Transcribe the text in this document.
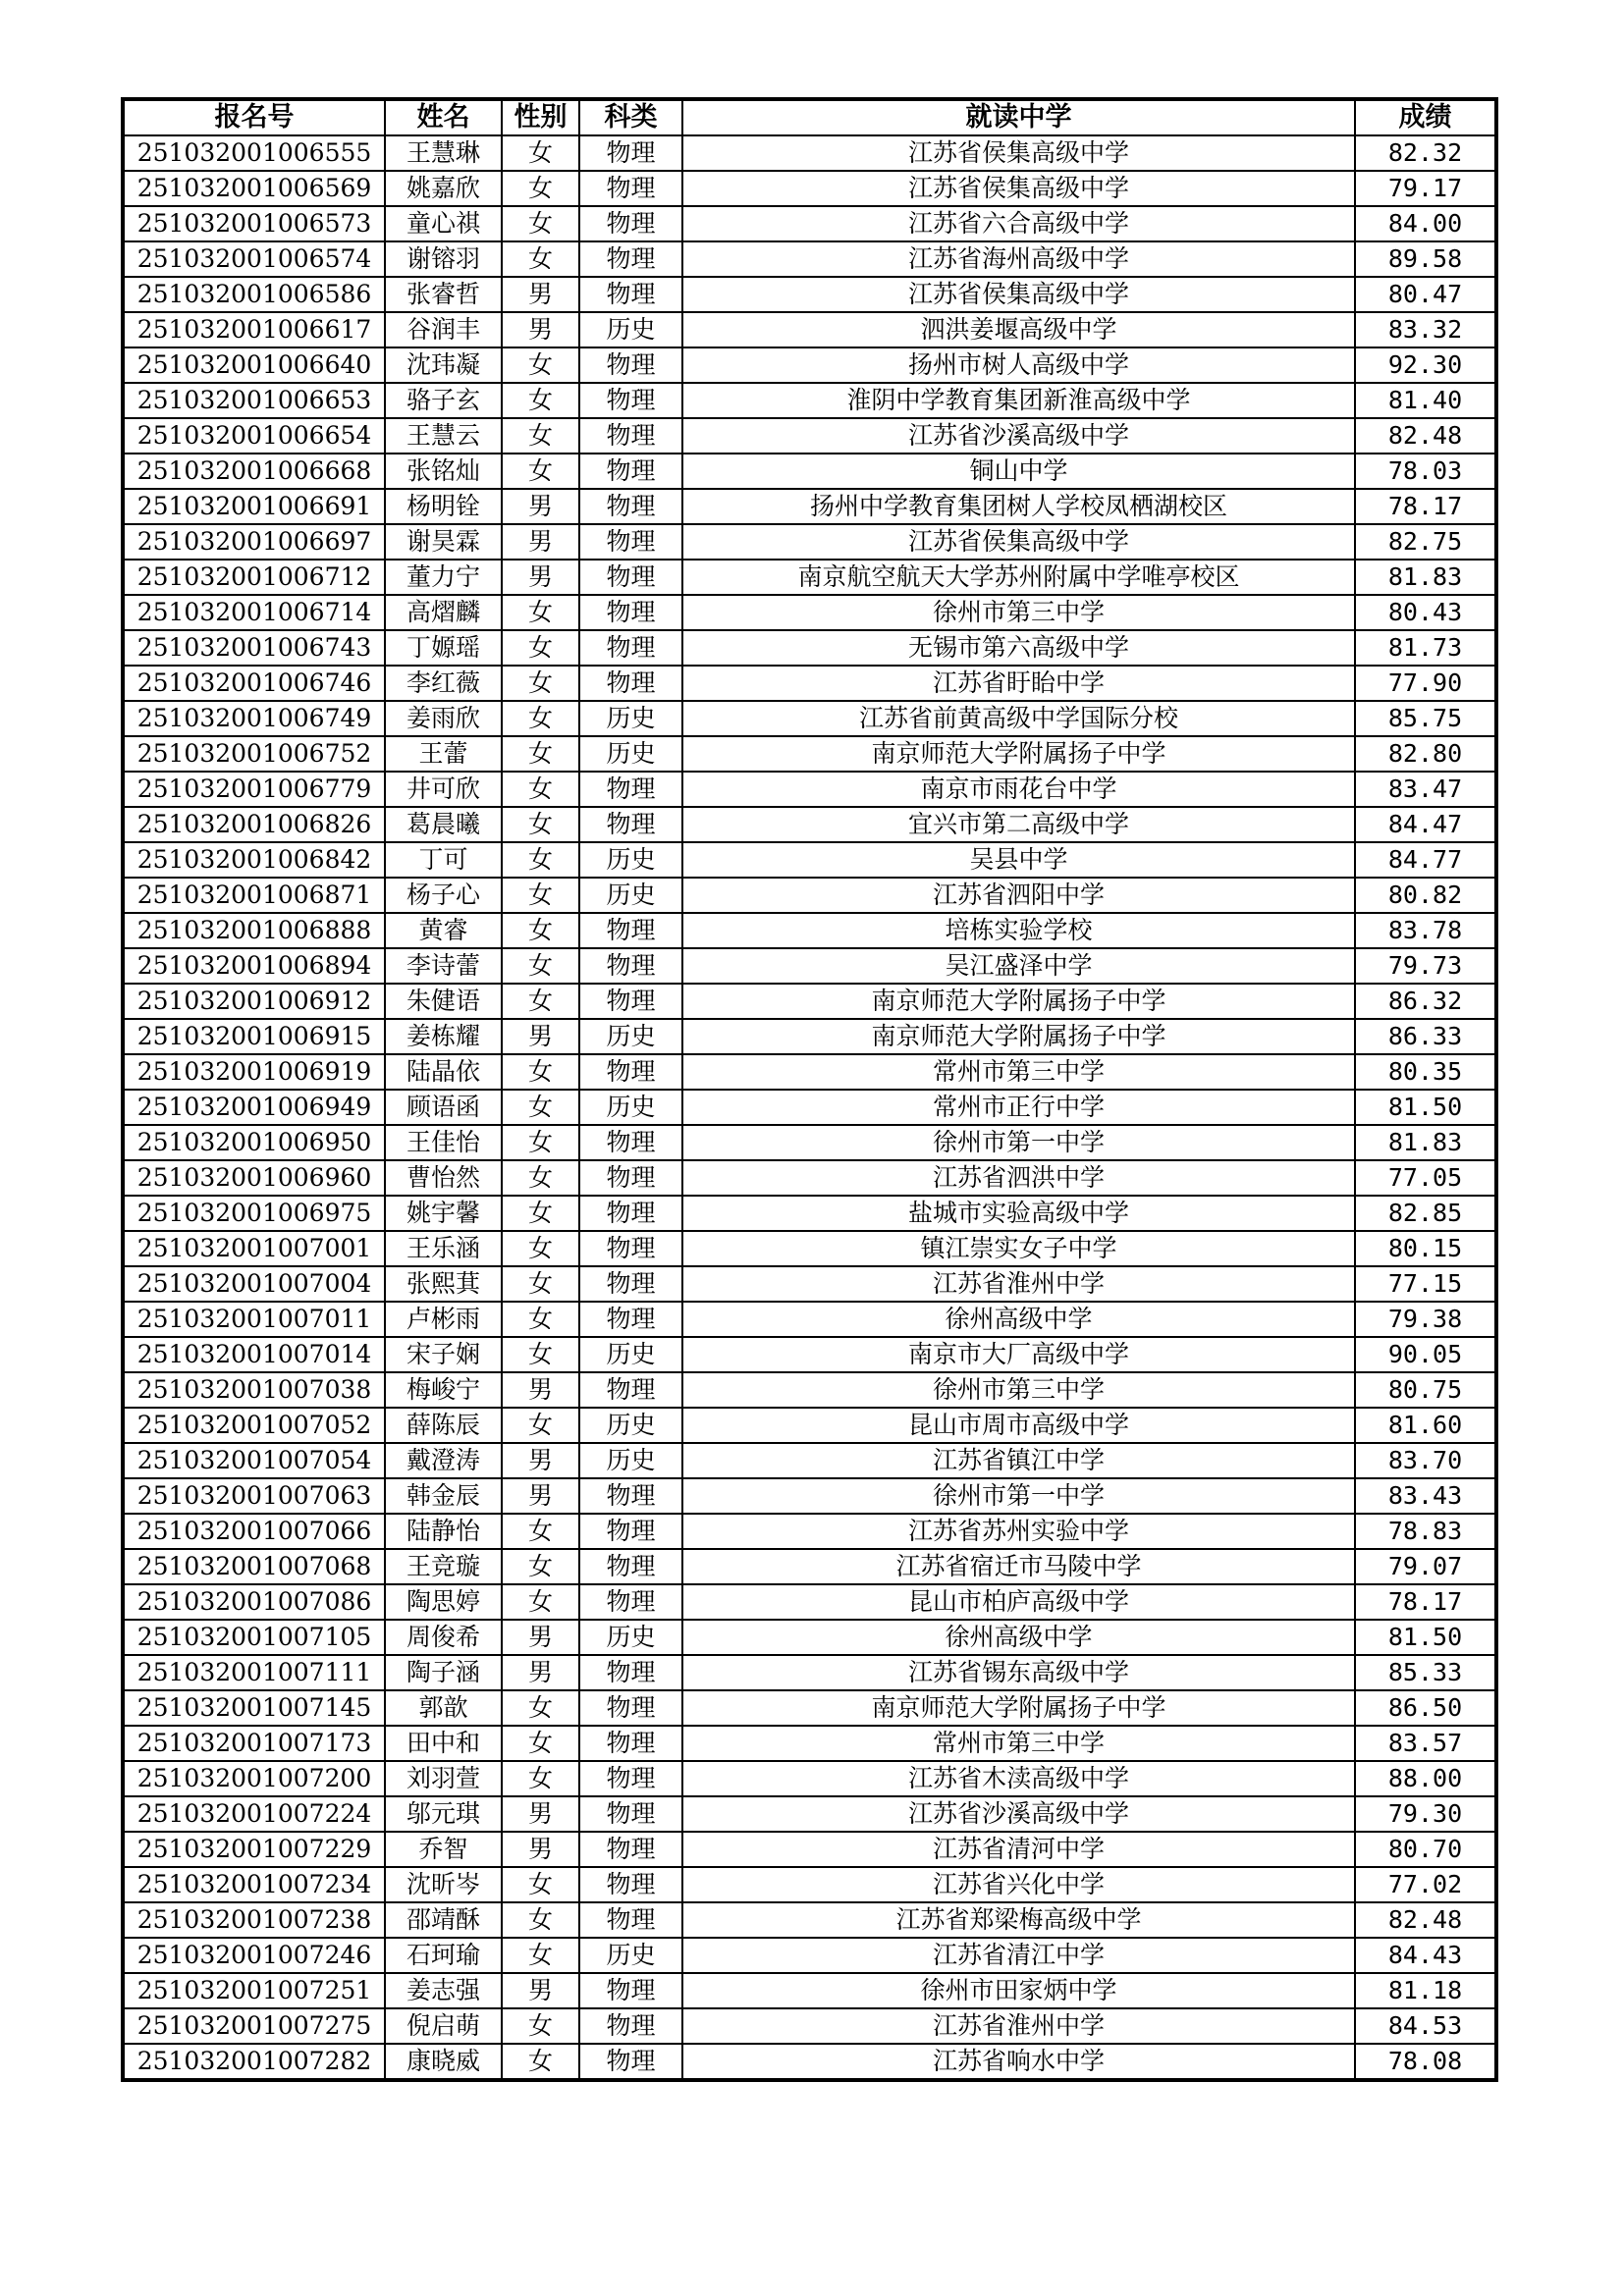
报名号	姓名	性别	科类	就读中学	成绩
251032001006555	王慧琳	女	物理	江苏省侯集高级中学	82.32
251032001006569	姚嘉欣	女	物理	江苏省侯集高级中学	79.17
251032001006573	童心祺	女	物理	江苏省六合高级中学	84.00
251032001006574	谢镕羽	女	物理	江苏省海州高级中学	89.58
251032001006586	张睿哲	男	物理	江苏省侯集高级中学	80.47
251032001006617	谷润丰	男	历史	泗洪姜堰高级中学	83.32
251032001006640	沈玮凝	女	物理	扬州市树人高级中学	92.30
251032001006653	骆子玄	女	物理	淮阴中学教育集团新淮高级中学	81.40
251032001006654	王慧云	女	物理	江苏省沙溪高级中学	82.48
251032001006668	张铭灿	女	物理	铜山中学	78.03
251032001006691	杨明铨	男	物理	扬州中学教育集团树人学校凤栖湖校区	78.17
251032001006697	谢昊霖	男	物理	江苏省侯集高级中学	82.75
251032001006712	董力宁	男	物理	南京航空航天大学苏州附属中学唯亭校区	81.83
251032001006714	高熠麟	女	物理	徐州市第三中学	80.43
251032001006743	丁嫄瑶	女	物理	无锡市第六高级中学	81.73
251032001006746	李红薇	女	物理	江苏省盱眙中学	77.90
251032001006749	姜雨欣	女	历史	江苏省前黄高级中学国际分校	85.75
251032001006752	王蕾	女	历史	南京师范大学附属扬子中学	82.80
251032001006779	井可欣	女	物理	南京市雨花台中学	83.47
251032001006826	葛晨曦	女	物理	宜兴市第二高级中学	84.47
251032001006842	丁可	女	历史	吴县中学	84.77
251032001006871	杨子心	女	历史	江苏省泗阳中学	80.82
251032001006888	黄睿	女	物理	培栋实验学校	83.78
251032001006894	李诗蕾	女	物理	吴江盛泽中学	79.73
251032001006912	朱健语	女	物理	南京师范大学附属扬子中学	86.32
251032001006915	姜栋耀	男	历史	南京师范大学附属扬子中学	86.33
251032001006919	陆晶依	女	物理	常州市第三中学	80.35
251032001006949	顾语函	女	历史	常州市正行中学	81.50
251032001006950	王佳怡	女	物理	徐州市第一中学	81.83
251032001006960	曹怡然	女	物理	江苏省泗洪中学	77.05
251032001006975	姚宇馨	女	物理	盐城市实验高级中学	82.85
251032001007001	王乐涵	女	物理	镇江崇实女子中学	80.15
251032001007004	张熙萁	女	物理	江苏省淮州中学	77.15
251032001007011	卢彬雨	女	物理	徐州高级中学	79.38
251032001007014	宋子娴	女	历史	南京市大厂高级中学	90.05
251032001007038	梅峻宁	男	物理	徐州市第三中学	80.75
251032001007052	薛陈辰	女	历史	昆山市周市高级中学	81.60
251032001007054	戴澄涛	男	历史	江苏省镇江中学	83.70
251032001007063	韩金辰	男	物理	徐州市第一中学	83.43
251032001007066	陆静怡	女	物理	江苏省苏州实验中学	78.83
251032001007068	王竞璇	女	物理	江苏省宿迁市马陵中学	79.07
251032001007086	陶思婷	女	物理	昆山市柏庐高级中学	78.17
251032001007105	周俊希	男	历史	徐州高级中学	81.50
251032001007111	陶子涵	男	物理	江苏省锡东高级中学	85.33
251032001007145	郭歆	女	物理	南京师范大学附属扬子中学	86.50
251032001007173	田中和	女	物理	常州市第三中学	83.57
251032001007200	刘羽萱	女	物理	江苏省木渎高级中学	88.00
251032001007224	邬元琪	男	物理	江苏省沙溪高级中学	79.30
251032001007229	乔智	男	物理	江苏省清河中学	80.70
251032001007234	沈昕岑	女	物理	江苏省兴化中学	77.02
251032001007238	邵靖酥	女	物理	江苏省郑梁梅高级中学	82.48
251032001007246	石珂瑜	女	历史	江苏省清江中学	84.43
251032001007251	姜志强	男	物理	徐州市田家炳中学	81.18
251032001007275	倪启萌	女	物理	江苏省淮州中学	84.53
251032001007282	康晓威	女	物理	江苏省响水中学	78.08
